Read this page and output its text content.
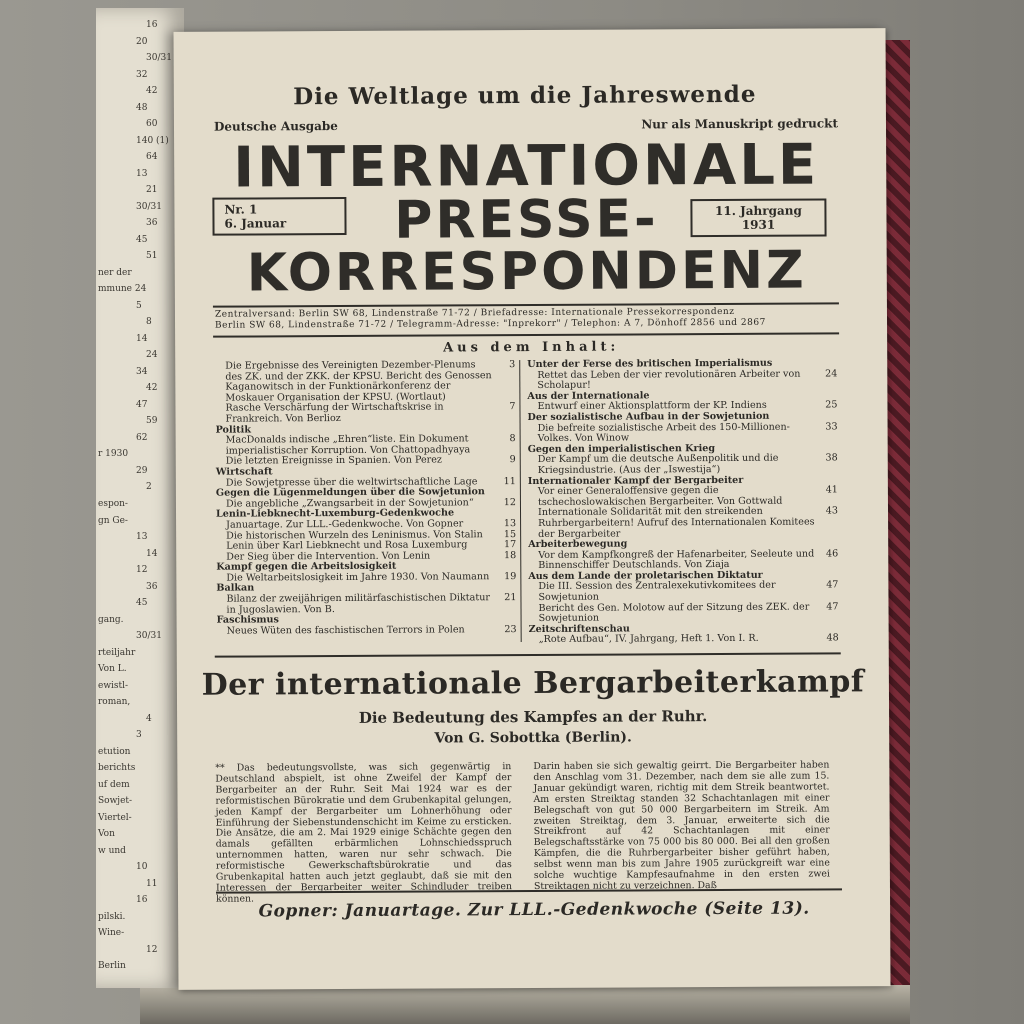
16
20
30/31
32
42
48
60
140 (1)
64
13
21
30/31
36
45
51
ner der
mmune 24
5
8
14
24
34
42
47
59
62
r 1930
29
2
espon-
gn Ge-
13
14
12
36
45
gang.
30/31
rteiljahr
Von L.
ewistl-
roman,
4
3
etution
berichts
uf dem
Sowjet-
Viertel-
Von
w und
10
11
16
pilski.
Wine-
12
Berlin
Die Weltlage um die Jahreswende
Deutsche Ausgabe	Nur als Manuskript gedruckt
INTERNATIONALE
PRESSE-
KORRESPONDENZ
Nr. 1
6. Januar
11. Jahrgang
1931
Zentralversand: Berlin SW 68, Lindenstraße 71-72 / Briefadresse: Internationale Pressekorrespondenz
Berlin SW 68, Lindenstraße 71-72 / Telegramm-Adresse: "Inprekorr" / Telephon: A 7, Dönhoff 2856 und 2867
Aus dem Inhalt:
Die Ergebnisse des Vereinigten Dezember-Plenums des ZK. und der ZKK. der KPSU. Bericht des Genossen Kaganowitsch in der Funktionärkonferenz der Moskauer Organisation der KPSU. (Wortlaut)
3
Rasche Verschärfung der Wirtschaftskrise in Frankreich. Von Berlioz
7
Politik
MacDonalds indische „Ehren“liste. Ein Dokument imperialistischer Korruption. Von Chattopadhyaya
8
Die letzten Ereignisse in Spanien. Von Perez	9
Wirtschaft
Die Sowjetpresse über die weltwirtschaftliche Lage	11
Gegen die Lügenmeldungen über die Sowjetunion
Die angebliche „Zwangsarbeit in der Sowjetunion“	12
Lenin-Liebknecht-Luxemburg-Gedenkwoche
Januartage. Zur LLL.-Gedenkwoche. Von Gopner	13
Die historischen Wurzeln des Leninismus. Von Stalin	15
Lenin über Karl Liebknecht und Rosa Luxemburg	17
Der Sieg über die Intervention. Von Lenin	18
Kampf gegen die Arbeitslosigkeit
Die Weltarbeitslosigkeit im Jahre 1930. Von Naumann	19
Balkan
Bilanz der zweijährigen militärfaschistischen Diktatur in Jugoslawien. Von B.
21
Faschismus
Neues Wüten des faschistischen Terrors in Polen	23
Unter der Ferse des britischen Imperialismus
Rettet das Leben der vier revolutionären Arbeiter von Scholapur!
24
Aus der Internationale
Entwurf einer Aktionsplattform der KP. Indiens	25
Der sozialistische Aufbau in der Sowjetunion
Die befreite sozialistische Arbeit des 150-Millionen-Volkes. Von Winow
33
Gegen den imperialistischen Krieg
Der Kampf um die deutsche Außenpolitik und die Kriegsindustrie. (Aus der „Iswestija“)
38
Internationaler Kampf der Bergarbeiter
Vor einer Generaloffensive gegen die tschechoslowakischen Bergarbeiter. Von Gottwald
41
Internationale Solidarität mit den streikenden Ruhrbergarbeitern! Aufruf des Internationalen Komitees der Bergarbeiter
43
Arbeiterbewegung
Vor dem Kampfkongreß der Hafenarbeiter, Seeleute und Binnenschiffer Deutschlands. Von Ziaja
46
Aus dem Lande der proletarischen Diktatur
Die III. Session des Zentralexekutivkomitees der Sowjetunion
47
Bericht des Gen. Molotow auf der Sitzung des ZEK. der Sowjetunion
47
Zeitschriftenschau
„Rote Aufbau“, IV. Jahrgang, Heft 1. Von I. R.	48
Der internationale Bergarbeiterkampf
Die Bedeutung des Kampfes an der Ruhr.
Von G. Sobottka (Berlin).
** Das bedeutungsvollste, was sich gegenwärtig in Deutschland abspielt, ist ohne Zweifel der Kampf der Bergarbeiter an der Ruhr. Seit Mai 1924 war es der reformistischen Bürokratie und dem Grubenkapital gelungen, jeden Kampf der Bergarbeiter um Lohnerhöhung oder Einführung der Siebenstundenschicht im Keime zu ersticken. Die Ansätze, die am 2. Mai 1929 einige Schächte gegen den damals gefällten erbärmlichen Lohnschiedsspruch unternommen hatten, waren nur sehr schwach. Die reformistische Gewerkschaftsbürokratie und das Grubenkapital hatten auch jetzt geglaubt, daß sie mit den Interessen der Bergarbeiter weiter Schindluder treiben können.
Darin haben sie sich gewaltig geirrt. Die Bergarbeiter haben den Anschlag vom 31. Dezember, nach dem sie alle zum 15. Januar gekündigt waren, richtig mit dem Streik beantwortet. Am ersten Streiktag standen 32 Schachtanlagen mit einer Belegschaft von gut 50 000 Bergarbeitern im Streik. Am zweiten Streiktag, dem 3. Januar, erweiterte sich die Streikfront auf 42 Schachtanlagen mit einer Belegschaftsstärke von 75 000 bis 80 000. Bei all den großen Kämpfen, die die Ruhrbergarbeiter bisher geführt haben, selbst wenn man bis zum Jahre 1905 zurückgreift war eine solche wuchtige Kampfesaufnahme in den ersten zwei Streiktagen nicht zu verzeichnen. Daß
Gopner: Januartage. Zur LLL.-Gedenkwoche (Seite 13).
